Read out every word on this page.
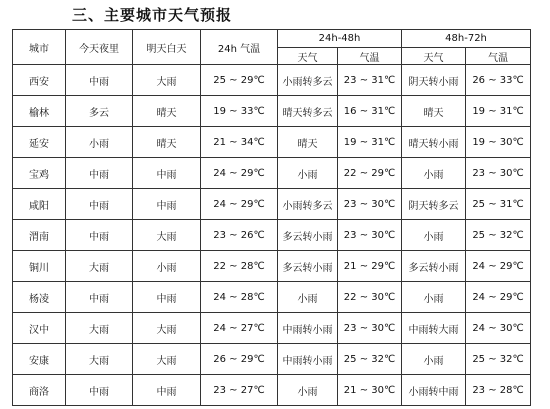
三、主要城市天气预报
城市	今天夜里	明天白天	24h 气温	24h-48h		48h-72h	
				天气	气温	天气	气温
西安	中雨	大雨	25 ~ 29℃	小雨转多云	23 ~ 31℃	阴天转小雨	26 ~ 33℃
榆林	多云	晴天	19 ~ 33℃	晴天转多云	16 ~ 31℃	晴天	19 ~ 31℃
延安	小雨	晴天	21 ~ 34℃	晴天	19 ~ 31℃	晴天转小雨	19 ~ 30℃
宝鸡	中雨	中雨	24 ~ 29℃	小雨	22 ~ 29℃	小雨	23 ~ 30℃
咸阳	中雨	中雨	24 ~ 29℃	小雨转多云	23 ~ 30℃	阴天转多云	25 ~ 31℃
渭南	中雨	大雨	23 ~ 26℃	多云转小雨	23 ~ 30℃	小雨	25 ~ 32℃
铜川	大雨	小雨	22 ~ 28℃	多云转小雨	21 ~ 29℃	多云转小雨	24 ~ 29℃
杨凌	中雨	中雨	24 ~ 28℃	小雨	22 ~ 30℃	小雨	24 ~ 29℃
汉中	大雨	大雨	24 ~ 27℃	中雨转小雨	23 ~ 30℃	中雨转大雨	24 ~ 30℃
安康	大雨	大雨	26 ~ 29℃	中雨转小雨	25 ~ 32℃	小雨	25 ~ 32℃
商洛	中雨	中雨	23 ~ 27℃	小雨	21 ~ 30℃	小雨转中雨	23 ~ 28℃
